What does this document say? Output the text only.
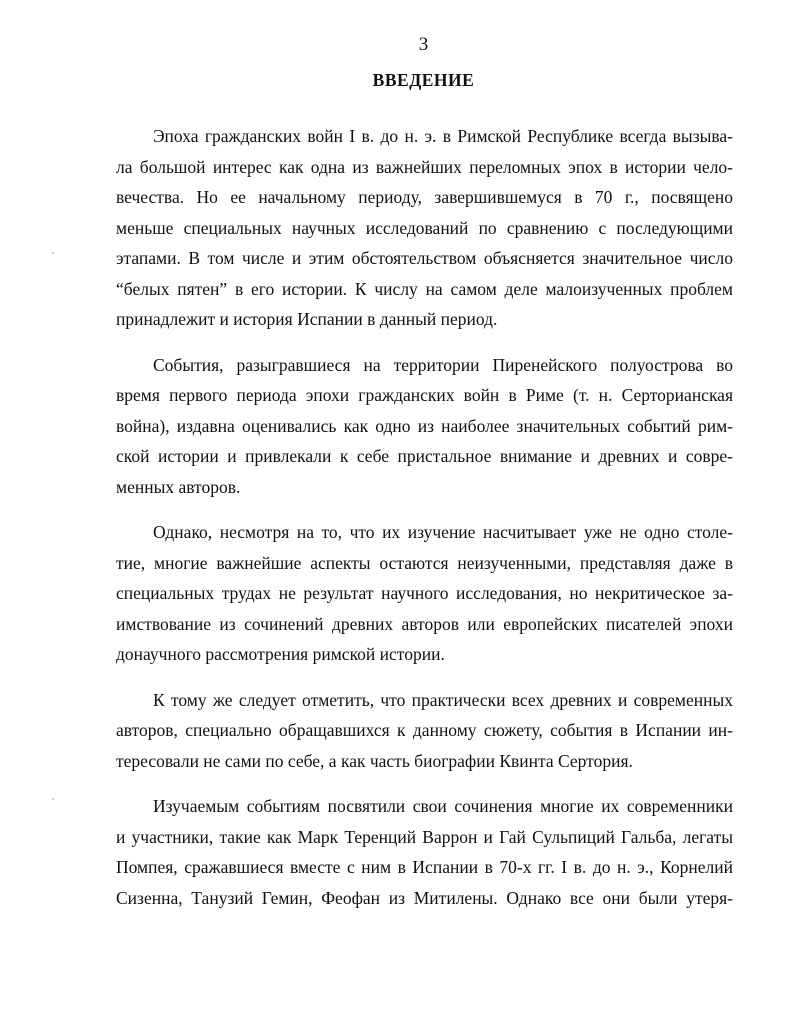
3
ВВЕДЕНИЕ
Эпоха гражданских войн I в. до н. э. в Римской Республике всегда вызыва-
ла большой интерес как одна из важнейших переломных эпох в истории чело-
вечества. Но ее начальному периоду, завершившемуся в 70 г., посвящено
меньше специальных научных исследований по сравнению с последующими
этапами. В том числе и этим обстоятельством объясняется значительное число
“белых пятен” в его истории. К числу на самом деле малоизученных проблем
принадлежит и история Испании в данный период.
События, разыгравшиеся на территории Пиренейского полуострова во
время первого периода эпохи гражданских войн в Риме (т. н. Серторианская
война), издавна оценивались как одно из наиболее значительных событий рим-
ской истории и привлекали к себе пристальное внимание и древних и совре-
менных авторов.
Однако, несмотря на то, что их изучение насчитывает уже не одно столе-
тие, многие важнейшие аспекты остаются неизученными, представляя даже в
специальных трудах не результат научного исследования, но некритическое за-
имствование из сочинений древних авторов или европейских писателей эпохи
донаучного рассмотрения римской истории.
К тому же следует отметить, что практически всех древних и современных
авторов, специально обращавшихся к данному сюжету, события в Испании ин-
тересовали не сами по себе, а как часть биографии Квинта Сертория.
Изучаемым событиям посвятили свои сочинения многие их современники
и участники, такие как Марк Теренций Варрон и Гай Сульпиций Гальба, легаты
Помпея, сражавшиеся вместе с ним в Испании в 70-х гг. I в. до н. э., Корнелий
Сизенна, Танузий Гемин, Феофан из Митилены. Однако все они были утеря-
